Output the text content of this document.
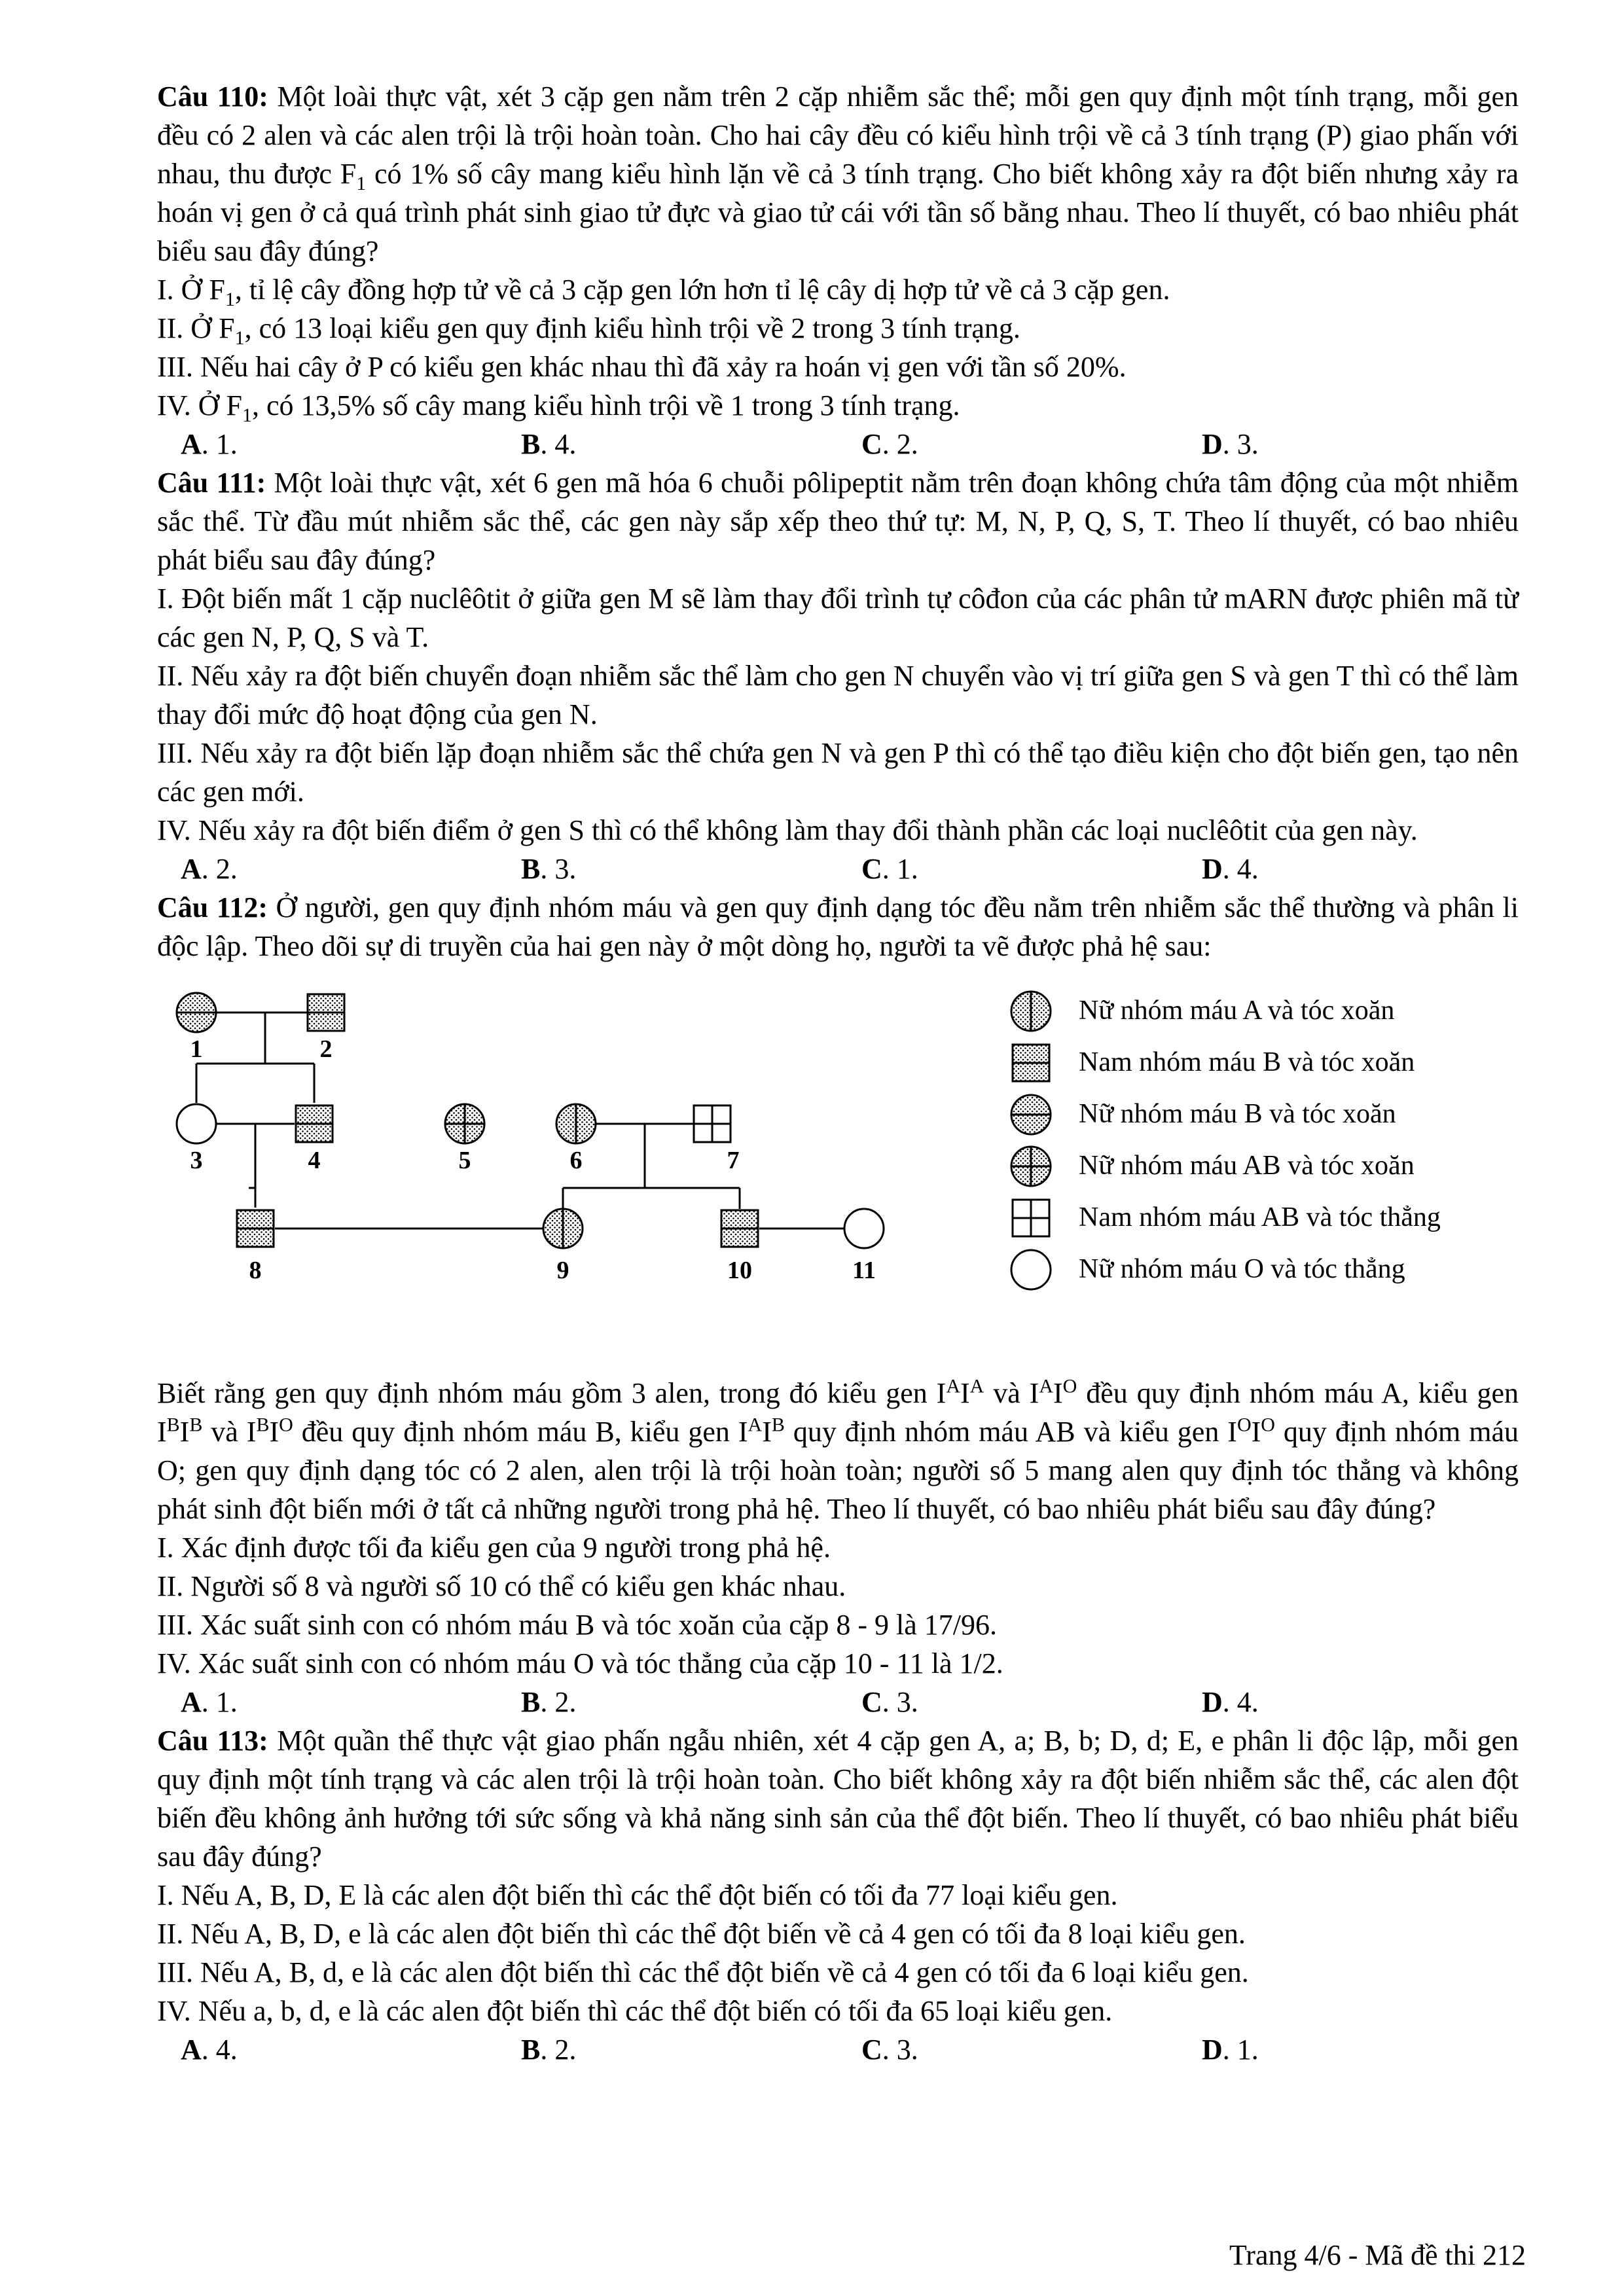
Câu 110: Một loài thực vật, xét 3 cặp gen nằm trên 2 cặp nhiễm sắc thể; mỗi gen quy định một tính trạng, mỗi gen đều có 2 alen và các alen trội là trội hoàn toàn. Cho hai cây đều có kiểu hình trội về cả 3 tính trạng (P) giao phấn với nhau, thu được $F_1$ có 1% số cây mang kiểu hình lặn về cả 3 tính trạng. Cho biết không xảy ra đột biến nhưng xảy ra hoán vị gen ở cả quá trình phát sinh giao tử đực và giao tử cái với tần số bằng nhau. Theo lí thuyết, có bao nhiêu phát biểu sau đây đúng?

I. Ở $F_1$, tỉ lệ cây đồng hợp tử về cả 3 cặp gen lớn hơn tỉ lệ cây dị hợp tử về cả 3 cặp gen.

II. Ở $F_1$, có 13 loại kiểu gen quy định kiểu hình trội về 2 trong 3 tính trạng.

III. Nếu hai cây ở P có kiểu gen khác nhau thì đã xảy ra hoán vị gen với tần số 20%.

IV. Ở $F_1$, có 13,5% số cây mang kiểu hình trội về 1 trong 3 tính trạng.

A. 1.	B. 4.	C. 2.	D. 3.

Câu 111: Một loài thực vật, xét 6 gen mã hóa 6 chuỗi pôlipeptit nằm trên đoạn không chứa tâm động của một nhiễm sắc thể. Từ đầu mút nhiễm sắc thể, các gen này sắp xếp theo thứ tự: M, N, P, Q, S, T. Theo lí thuyết, có bao nhiêu phát biểu sau đây đúng?

I. Đột biến mất 1 cặp nuclêôtit ở giữa gen M sẽ làm thay đổi trình tự côđon của các phân tử mARN được phiên mã từ các gen N, P, Q, S và T.

II. Nếu xảy ra đột biến chuyển đoạn nhiễm sắc thể làm cho gen N chuyển vào vị trí giữa gen S và gen T thì có thể làm thay đổi mức độ hoạt động của gen N.

III. Nếu xảy ra đột biến lặp đoạn nhiễm sắc thể chứa gen N và gen P thì có thể tạo điều kiện cho đột biến gen, tạo nên các gen mới.

IV. Nếu xảy ra đột biến điểm ở gen S thì có thể không làm thay đổi thành phần các loại nuclêôtit của gen này.

A. 2.	B. 3.	C. 1.	D. 4.

Câu 112: Ở người, gen quy định nhóm máu và gen quy định dạng tóc đều nằm trên nhiễm sắc thể thường và phân li độc lập. Theo dõi sự di truyền của hai gen này ở một dòng họ, người ta vẽ được phả hệ sau:

1	2
3	4	5	6	7
8	9	10	11
Nữ nhóm máu A và tóc xoăn
Nam nhóm máu B và tóc xoăn
Nữ nhóm máu B và tóc xoăn
Nữ nhóm máu AB và tóc xoăn
Nam nhóm máu AB và tóc thẳng
Nữ nhóm máu O và tóc thẳng

Biết rằng gen quy định nhóm máu gồm 3 alen, trong đó kiểu gen $I^AI^A$ và $I^AI^O$ đều quy định nhóm máu A, kiểu gen $I^BI^B$ và $I^BI^O$ đều quy định nhóm máu B, kiểu gen $I^AI^B$ quy định nhóm máu AB và kiểu gen $I^OI^O$ quy định nhóm máu O; gen quy định dạng tóc có 2 alen, alen trội là trội hoàn toàn; người số 5 mang alen quy định tóc thẳng và không phát sinh đột biến mới ở tất cả những người trong phả hệ. Theo lí thuyết, có bao nhiêu phát biểu sau đây đúng?

I. Xác định được tối đa kiểu gen của 9 người trong phả hệ.

II. Người số 8 và người số 10 có thể có kiểu gen khác nhau.

III. Xác suất sinh con có nhóm máu B và tóc xoăn của cặp 8 - 9 là 17/96.

IV. Xác suất sinh con có nhóm máu O và tóc thẳng của cặp 10 - 11 là 1/2.

A. 1.	B. 2.	C. 3.	D. 4.

Câu 113: Một quần thể thực vật giao phấn ngẫu nhiên, xét 4 cặp gen A, a; B, b; D, d; E, e phân li độc lập, mỗi gen quy định một tính trạng và các alen trội là trội hoàn toàn. Cho biết không xảy ra đột biến nhiễm sắc thể, các alen đột biến đều không ảnh hưởng tới sức sống và khả năng sinh sản của thể đột biến. Theo lí thuyết, có bao nhiêu phát biểu sau đây đúng?

I. Nếu A, B, D, E là các alen đột biến thì các thể đột biến có tối đa 77 loại kiểu gen.

II. Nếu A, B, D, e là các alen đột biến thì các thể đột biến về cả 4 gen có tối đa 8 loại kiểu gen.

III. Nếu A, B, d, e là các alen đột biến thì các thể đột biến về cả 4 gen có tối đa 6 loại kiểu gen.

IV. Nếu a, b, d, e là các alen đột biến thì các thể đột biến có tối đa 65 loại kiểu gen.

A. 4.	B. 2.	C. 3.	D. 1.
Trang 4/6 - Mã đề thi 212
